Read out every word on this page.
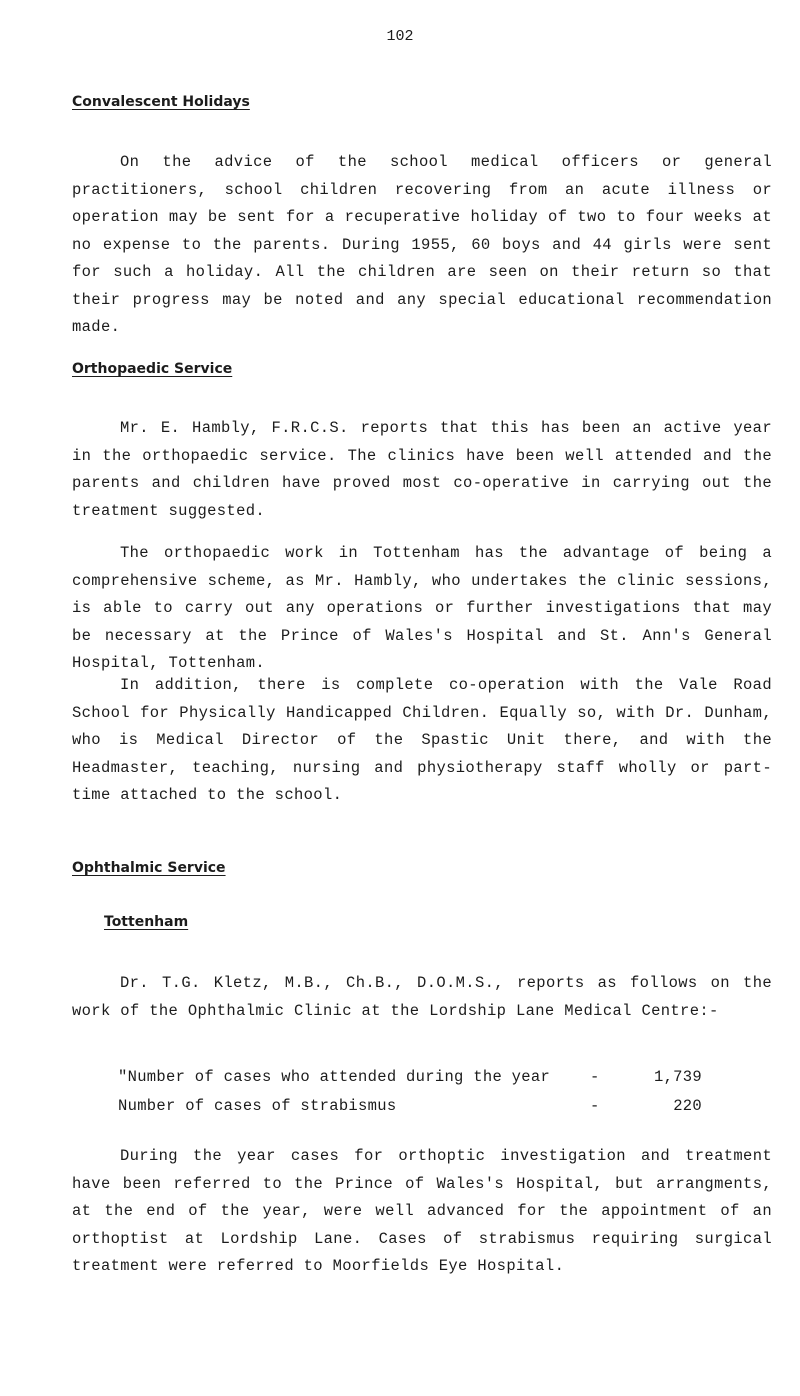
102
Convalescent Holidays

On the advice of the school medical officers or general practitioners, school children recovering from an acute illness or operation may be sent for a recuperative holiday of two to four weeks at no expense to the parents. During 1955, 60 boys and 44 girls were sent for such a holiday. All the children are seen on their return so that their progress may be noted and any special educational recommendation made.

Orthopaedic Service

Mr. E. Hambly, F.R.C.S. reports that this has been an active year in the orthopaedic service. The clinics have been well attended and the parents and children have proved most co-operative in carrying out the treatment suggested.

The orthopaedic work in Tottenham has the advantage of being a comprehensive scheme, as Mr. Hambly, who undertakes the clinic sessions, is able to carry out any operations or further investigations that may be necessary at the Prince of Wales's Hospital and St. Ann's General Hospital, Tottenham.

In addition, there is complete co-operation with the Vale Road School for Physically Handicapped Children. Equally so, with Dr. Dunham, who is Medical Director of the Spastic Unit there, and with the Headmaster, teaching, nursing and physiotherapy staff wholly or part-time attached to the school.

Ophthalmic Service
Tottenham

Dr. T.G. Kletz, M.B., Ch.B., D.O.M.S., reports as follows on the work of the Ophthalmic Clinic at the Lordship Lane Medical Centre:-

"Number of cases who attended during the year	-	1,739
Number of cases of strabismus	-	220

During the year cases for orthoptic investigation and treatment have been referred to the Prince of Wales's Hospital, but arrangments, at the end of the year, were well advanced for the appointment of an orthoptist at Lordship Lane. Cases of strabismus requiring surgical treatment were referred to Moorfields Eye Hospital.
